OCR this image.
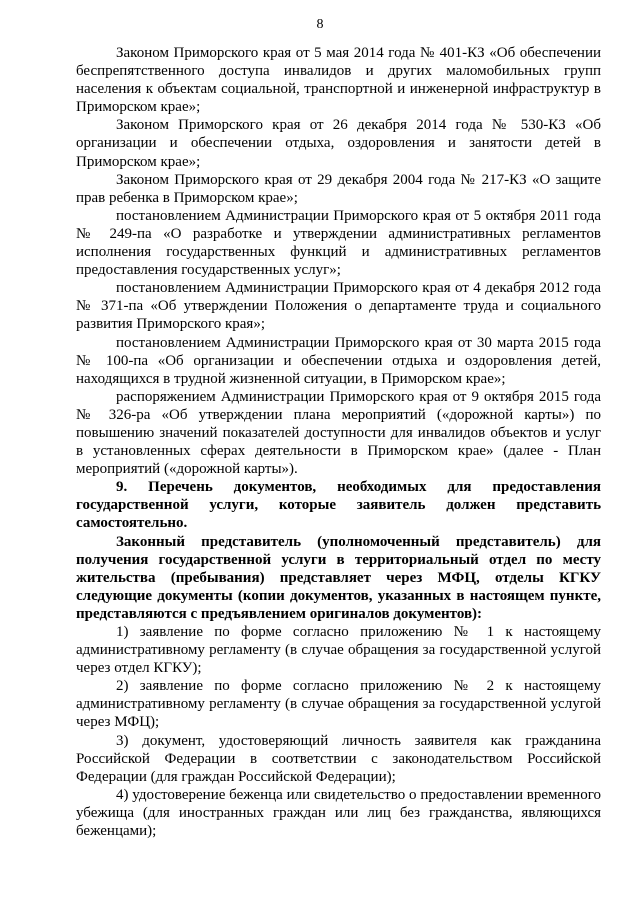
8

Законом Приморского края от 5 мая 2014 года № 401-КЗ «Об обеспечении беспрепятственного доступа инвалидов и других маломобильных групп населения к объектам социальной, транспортной и инженерной инфраструктур в Приморском крае»;

Законом Приморского края от 26 декабря 2014 года № 530-КЗ «Об организации и обеспечении отдыха, оздоровления и занятости детей в Приморском крае»;

Законом Приморского края от 29 декабря 2004 года № 217-КЗ «О защите прав ребенка в Приморском крае»;

постановлением Администрации Приморского края от 5 октября 2011 года № 249-па «О разработке и утверждении административных регламентов исполнения государственных функций и административных регламентов предоставления государственных услуг»;

постановлением Администрации Приморского края от 4 декабря 2012 года № 371-па «Об утверждении Положения о департаменте труда и социального развития Приморского края»;

постановлением Администрации Приморского края от 30 марта 2015 года № 100-па «Об организации и обеспечении отдыха и оздоровления детей, находящихся в трудной жизненной ситуации, в Приморском крае»;

распоряжением Администрации Приморского края от 9 октября 2015 года № 326-ра «Об утверждении плана мероприятий («дорожной карты») по повышению значений показателей доступности для инвалидов объектов и услуг в установленных сферах деятельности в Приморском крае» (далее - План мероприятий («дорожной карты»).

9. Перечень документов, необходимых для предоставления государственной услуги, которые заявитель должен представить самостоятельно.

Законный представитель (уполномоченный представитель) для получения государственной услуги в территориальный отдел по месту жительства (пребывания) представляет через МФЦ, отделы КГКУ следующие документы (копии документов, указанных в настоящем пункте, представляются с предъявлением оригиналов документов):

1) заявление по форме согласно приложению № 1 к настоящему административному регламенту (в случае обращения за государственной услугой через отдел КГКУ);

2) заявление по форме согласно приложению № 2 к настоящему административному регламенту (в случае обращения за государственной услугой через МФЦ);

3) документ, удостоверяющий личность заявителя как гражданина Российской Федерации в соответствии с законодательством Российской Федерации (для граждан Российской Федерации);

4) удостоверение беженца или свидетельство о предоставлении временного убежища (для иностранных граждан или лиц без гражданства, являющихся беженцами);
